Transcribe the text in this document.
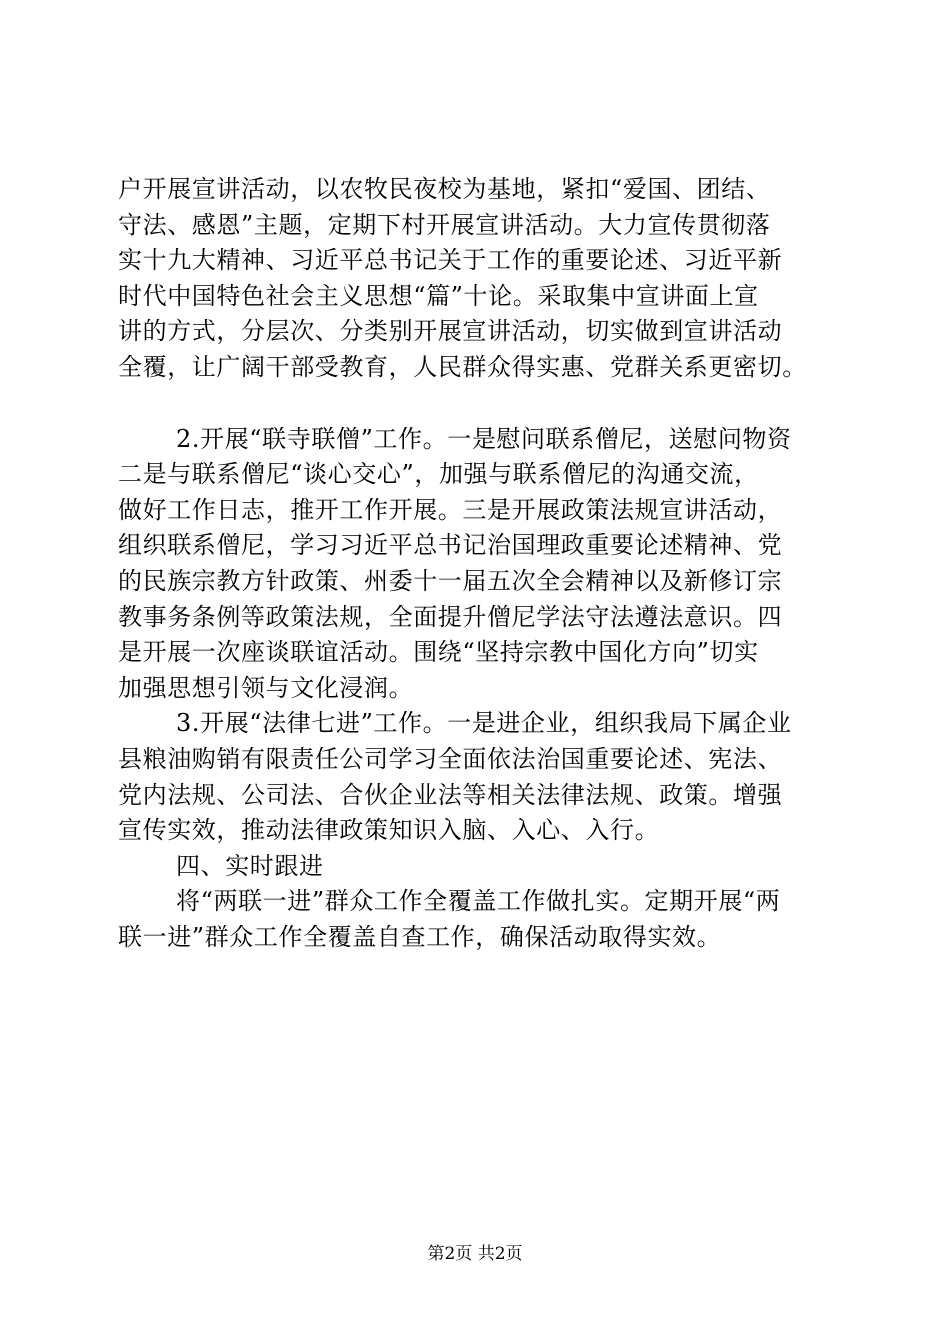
户开展宣讲活动，以农牧民夜校为基地，紧扣“爱国、团结、
守法、感恩”主题，定期下村开展宣讲活动。大力宣传贯彻落
实十九大精神、习近平总书记关于工作的重要论述、习近平新
时代中国特色社会主义思想“篇”十论。采取集中宣讲面上宣
讲的方式，分层次、分类别开展宣讲活动，切实做到宣讲活动
全覆，让广阔干部受教育，人民群众得实惠、党群关系更密切。
2.开展“联寺联僧”工作。一是慰问联系僧尼，送慰问物资
二是与联系僧尼“谈心交心”，加强与联系僧尼的沟通交流，
做好工作日志，推开工作开展。三是开展政策法规宣讲活动，
组织联系僧尼，学习习近平总书记治国理政重要论述精神、党
的民族宗教方针政策、州委十一届五次全会精神以及新修订宗
教事务条例等政策法规，全面提升僧尼学法守法遵法意识。四
是开展一次座谈联谊活动。围绕“坚持宗教中国化方向”切实
加强思想引领与文化浸润。
3.开展“法律七进”工作。一是进企业，组织我局下属企业
县粮油购销有限责任公司学习全面依法治国重要论述、宪法、
党内法规、公司法、合伙企业法等相关法律法规、政策。增强
宣传实效，推动法律政策知识入脑、入心、入行。
四、实时跟进
将“两联一进”群众工作全覆盖工作做扎实。定期开展“两
联一进”群众工作全覆盖自查工作，确保活动取得实效。
第2页 共2页
